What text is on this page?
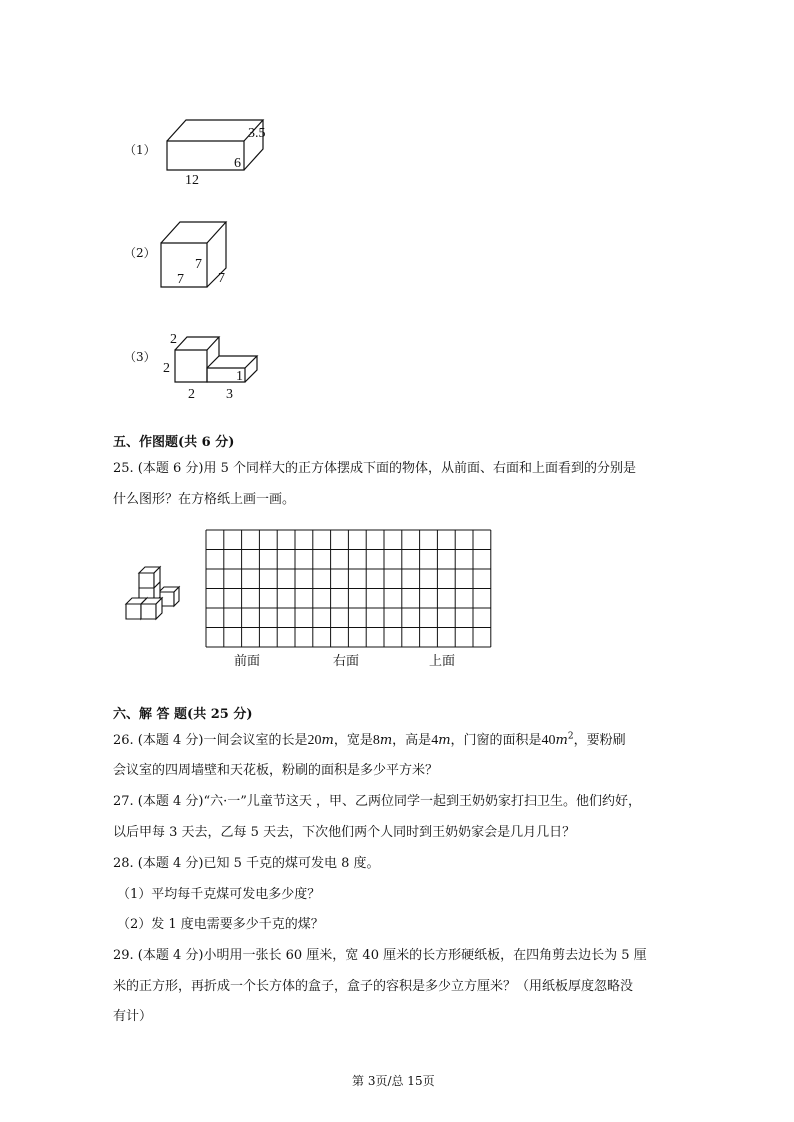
（1）
3.5
6
12
（2）
7
7 7
（3）
2
2
1
2 3
五、作图题(共 6 分)
25. (本题 6 分)用 5 个同样大的正方体摆成下面的物体，从前面、右面和上面看到的分别是
什么图形？在方格纸上画一画。
前面	右面	上面
六、解 答 题(共 25 分)
26. (本题 4 分)一间会议室的长是20m，宽是8m，高是4m，门窗的面积是$40m^2$，要粉刷
会议室的四周墙壁和天花板，粉刷的面积是多少平方米？
27. (本题 4 分)“六·一”儿童节这天 ，甲、乙两位同学一起到王奶奶家打扫卫生。他们约好，
以后甲每 3 天去，乙每 5 天去，下次他们两个人同时到王奶奶家会是几月几日？
28. (本题 4 分)已知 5 千克的煤可发电 8 度。
（1）平均每千克煤可发电多少度？
（2）发 1 度电需要多少千克的煤？
29. (本题 4 分)小明用一张长 60 厘米，宽 40 厘米的长方形硬纸板，在四角剪去边长为 5 厘
米的正方形，再折成一个长方体的盒子，盒子的容积是多少立方厘米？（用纸板厚度忽略没
有计）
第 3页/总 15页
